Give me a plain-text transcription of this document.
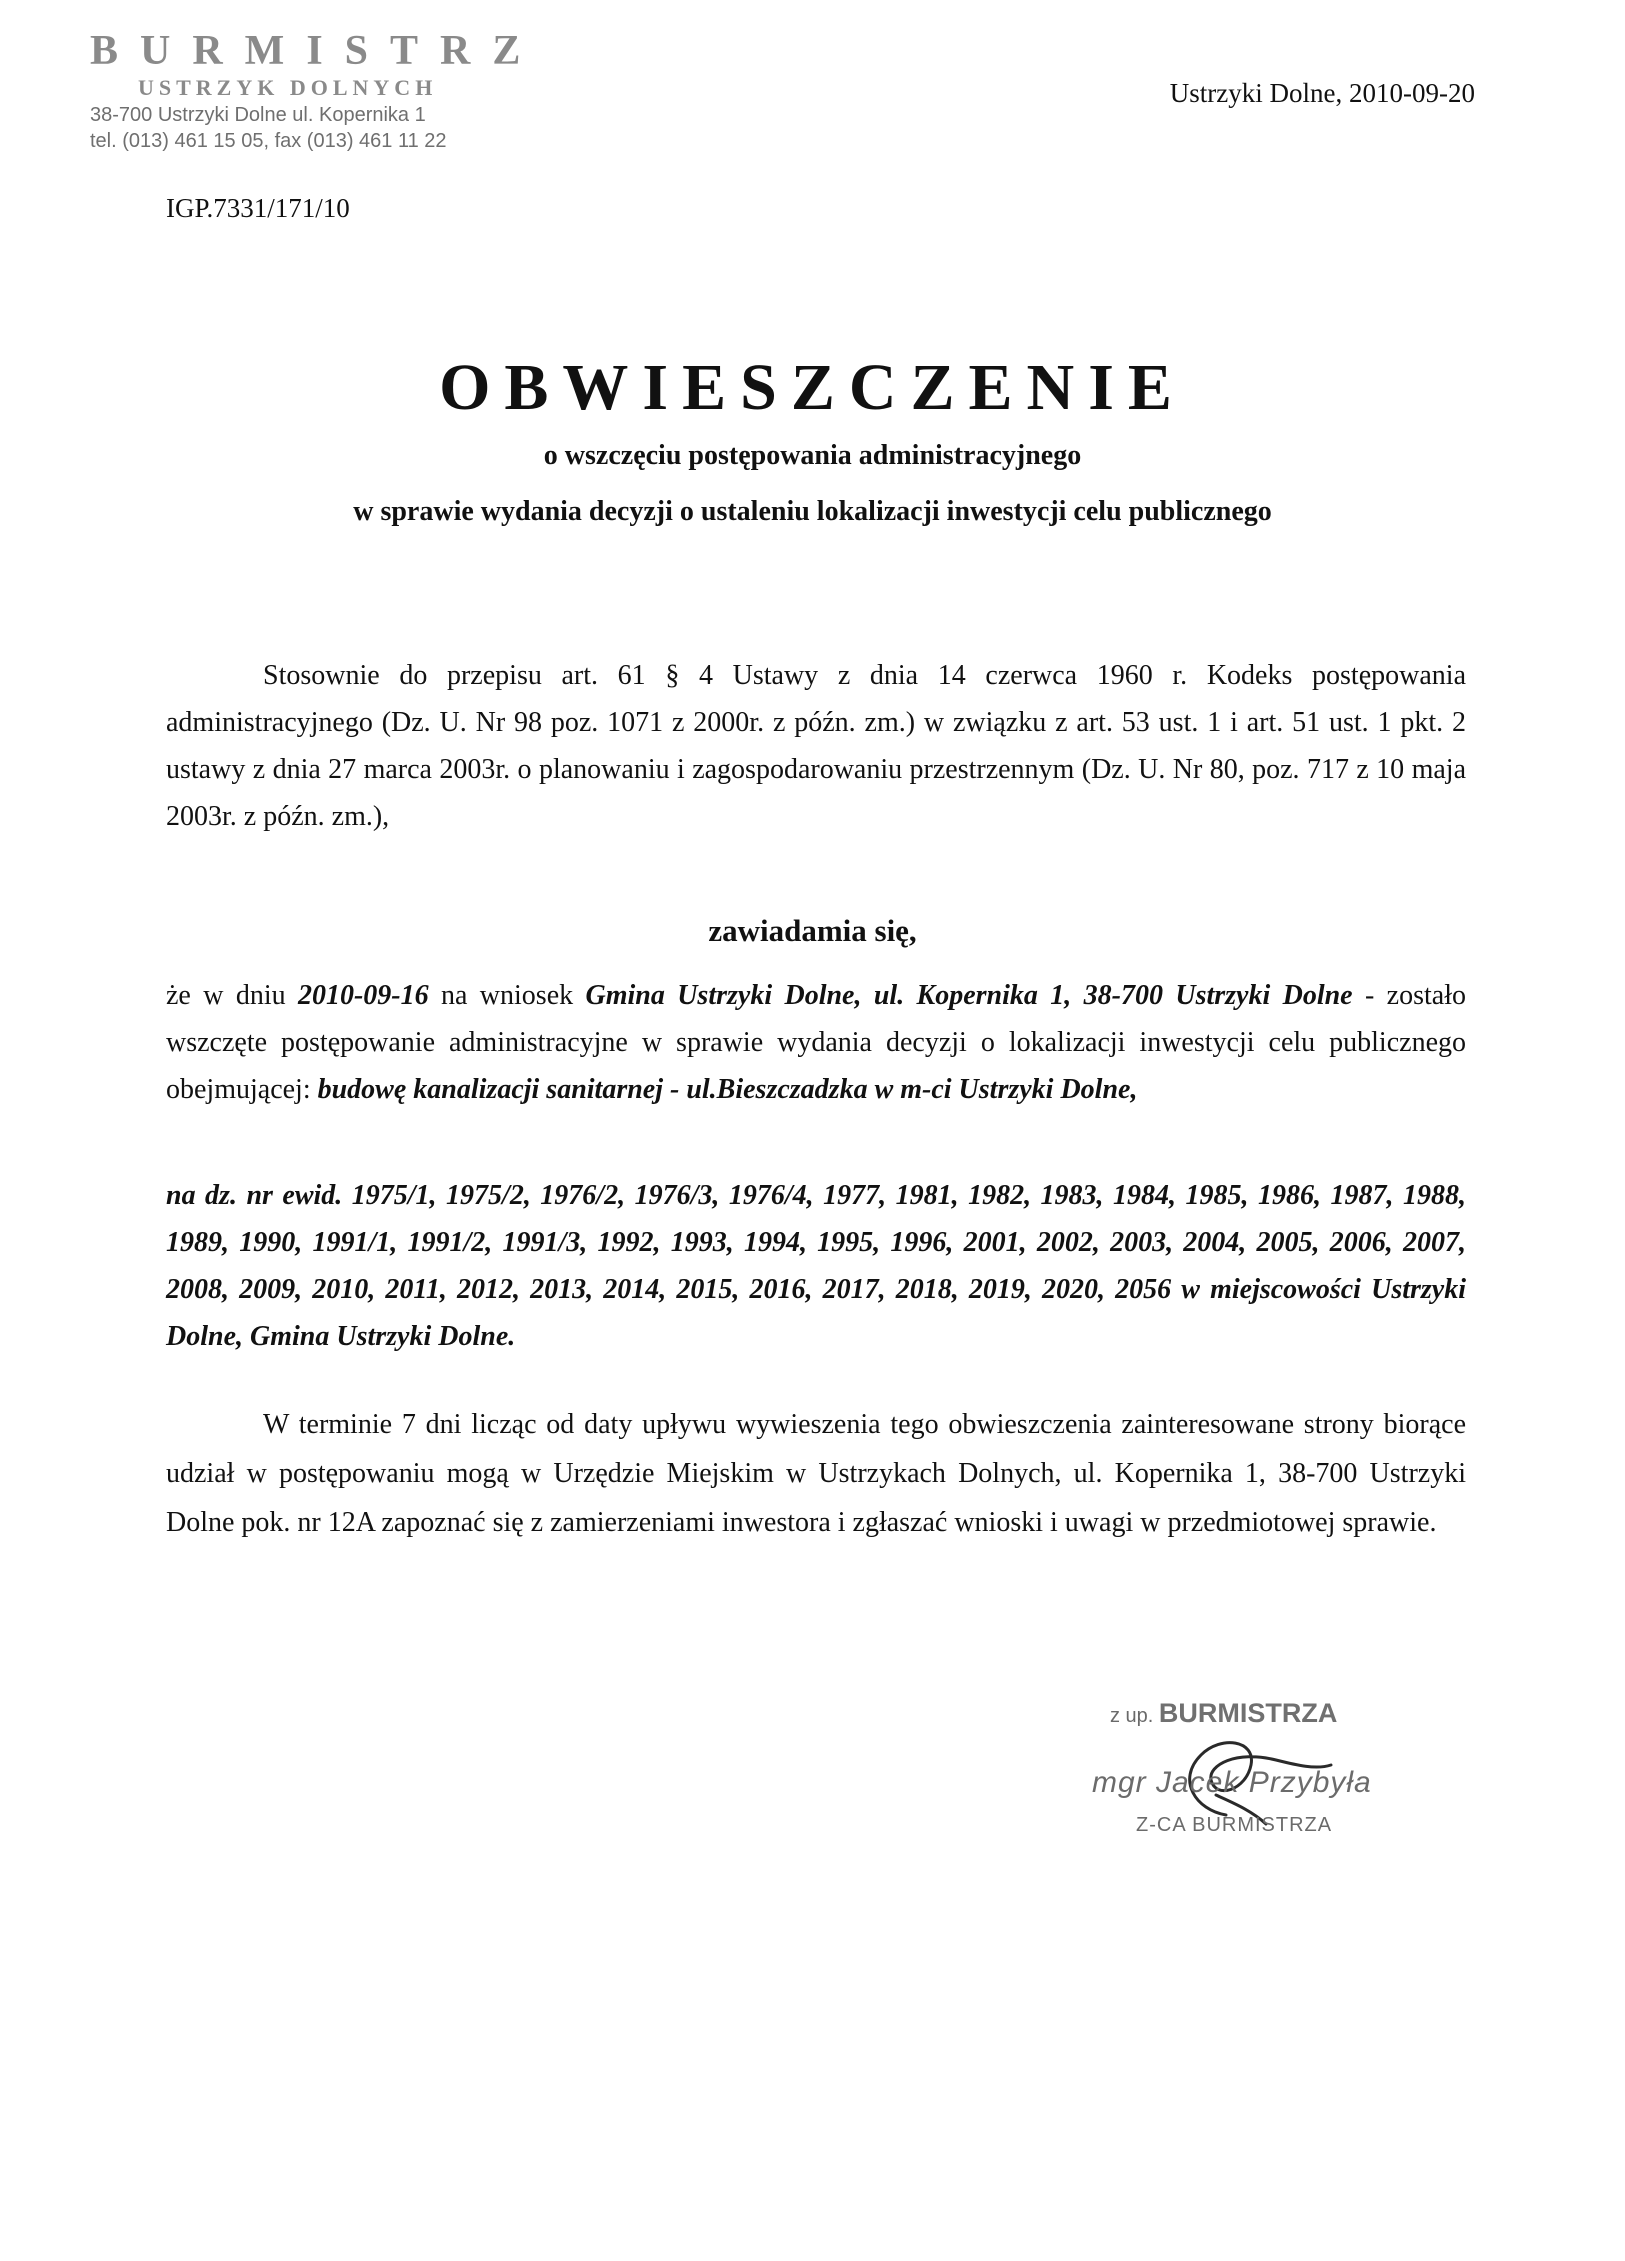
BURMISTRZ
USTRZYK DOLNYCH
38-700 Ustrzyki Dolne ul. Kopernika 1
tel. (013) 461 15 05, fax (013) 461 11 22
Ustrzyki Dolne, 2010-09-20
IGP.7331/171/10
OBWIESZCZENIE
o wszczęciu postępowania administracyjnego
w sprawie wydania decyzji o ustaleniu lokalizacji inwestycji celu publicznego
Stosownie do przepisu art. 61 § 4 Ustawy z dnia 14 czerwca 1960 r. Kodeks postępowania administracyjnego (Dz. U. Nr 98 poz. 1071 z 2000r. z późn. zm.) w związku z art. 53 ust. 1 i art. 51 ust. 1 pkt. 2 ustawy z dnia 27 marca 2003r. o planowaniu i zagospodarowaniu przestrzennym (Dz. U. Nr 80, poz. 717 z 10 maja 2003r. z późn. zm.),
zawiadamia się,
że w dniu 2010-09-16 na wniosek Gmina Ustrzyki Dolne, ul. Kopernika 1, 38-700 Ustrzyki Dolne - zostało wszczęte postępowanie administracyjne w sprawie wydania decyzji o lokalizacji inwestycji celu publicznego obejmującej: budowę kanalizacji sanitarnej - ul.Bieszczadzka w m-ci Ustrzyki Dolne,
na dz. nr ewid. 1975/1, 1975/2, 1976/2, 1976/3, 1976/4, 1977, 1981, 1982, 1983, 1984, 1985, 1986, 1987, 1988, 1989, 1990, 1991/1, 1991/2, 1991/3, 1992, 1993, 1994, 1995, 1996, 2001, 2002, 2003, 2004, 2005, 2006, 2007, 2008, 2009, 2010, 2011, 2012, 2013, 2014, 2015, 2016, 2017, 2018, 2019, 2020, 2056 w miejscowości Ustrzyki Dolne, Gmina Ustrzyki Dolne.
W terminie 7 dni licząc od daty upływu wywieszenia tego obwieszczenia zainteresowane strony biorące udział w postępowaniu mogą w Urzędzie Miejskim w Ustrzykach Dolnych, ul. Kopernika 1, 38-700 Ustrzyki Dolne pok. nr 12A zapoznać się z zamierzeniami inwestora i zgłaszać wnioski i uwagi w przedmiotowej sprawie.
z up. BURMISTRZA
mgr Jacek Przybyła
Z-CA BURMISTRZA
